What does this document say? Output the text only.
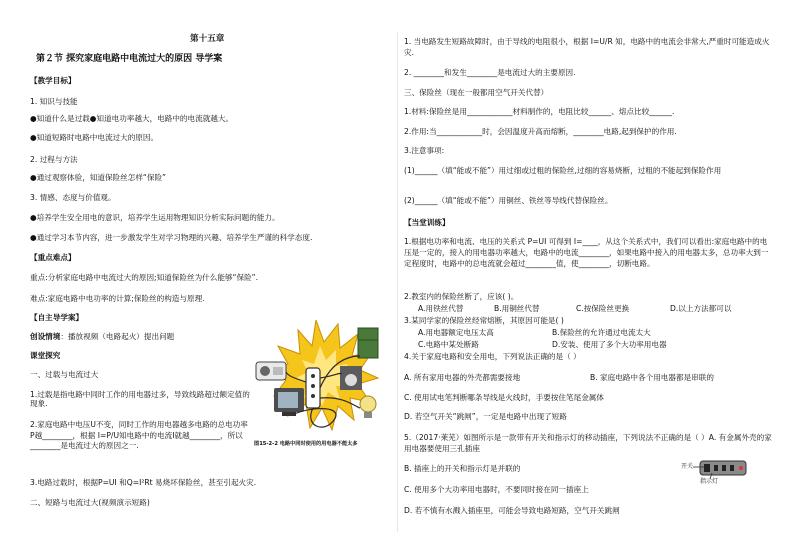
第十五章
第２节 探究家庭电路中电流过大的原因 导学案
【教学目标】
1. 知识与技能
●知道什么是过载●知道电功率越大，电路中的电流就越大。
●知道短路时电路中电流过大的原因。
2. 过程与方法
●通过观察体验，知道保险丝怎样“保险”
3. 情感、态度与价值观。
●培养学生安全用电的意识，培养学生运用物理知识分析实际问题的能力。
●通过学习本节内容，进一步激发学生对学习物理的兴趣、培养学生严谨的科学态度.
【重点难点】
重点:分析家庭电路中电流过大的原因;知道保险丝为什么能够“保险”.
难点:家庭电路中电功率的计算;保险丝的构造与原理.
【自主导学案】
创设情境：播放视频（电路起火）提出问题
课堂探究
一、过载与电流过大
1.过载是指电路中同时工作的用电器过多，导致线路超过额定值的现象.
2.家庭电路中电压U不变，同时工作的用电器越多电路的总电功率P越________，根据 I=P/U知电路中的电流I就越________，所以________是电流过大的原因之一.
3.电路过载时，根据P=UI 和Q=I²Rt 易烧坏保险丝，甚至引起火灾.
二、短路与电流过大(视频演示短路)
图15-2-2 电路中同时使用的用电器不能太多
1. 当电路发生短路故障时，由于导线的电阻很小，根据 I=U/R 知，电路中的电流会非常大,严重时可能造成火灾.
2. ________和发生________是电流过大的主要原因.
三、保险丝（现在一般都用空气开关代替）
1.材料:保险丝是用____________材料制作的，电阻比较______、熔点比较______.
2.作用:当____________时，会因温度升高而熔断，________电路,起到保护的作用.
3.注意事项:
(1)______（填“能或不能”）用过细或过粗的保险丝,过细的容易烧断，过粗的不能起到保险作用
(2)______（填“能或不能”）用铜丝、铁丝等导线代替保险丝。
【当堂训练】
1.根据电功率和电流、电压的关系式 P=UI 可得到 I=____，从这个关系式中，我们可以看出:家庭电路中的电压是一定的，接入的用电器功率越大，电路中的电流________，如果电路中接入的用电器太多，总功率大到一定程度时，电路中的总电流就会超过________值，使________，切断电路。
2.教室内的保险丝断了，应该( )。
A.用铁丝代替	B.用铜丝代替	C.按保险丝更换	D.以上方法都可以
3.某同学家的保险丝经常熔断，其原因可能是( )
A.用电器额定电压太高	B.保险丝的允许通过电流太大
C.电路中某处断路	D.安装、使用了多个大功率用电器
4.关于家庭电路和安全用电，下列说法正确的是（ ）
A. 所有家用电器的外壳都需要接地	B. 家庭电路中各个用电器都是串联的
C. 使用试电笔判断哪条导线是火线时，手要按住笔尾金属体
D. 若空气开关“跳闸”，一定是电路中出现了短路
5.（2017·莱芜）如图所示是一款带有开关和指示灯的移动插座，下列说法不正确的是（ ）A. 有金属外壳的家用电器要使用三孔插座
B. 插座上的开关和指示灯是并联的
C. 使用多个大功率用电器时，不要同时接在同一插座上
D. 若不慎有水溅入插座里，可能会导致电路短路，空气开关跳闸
开关
指示灯
